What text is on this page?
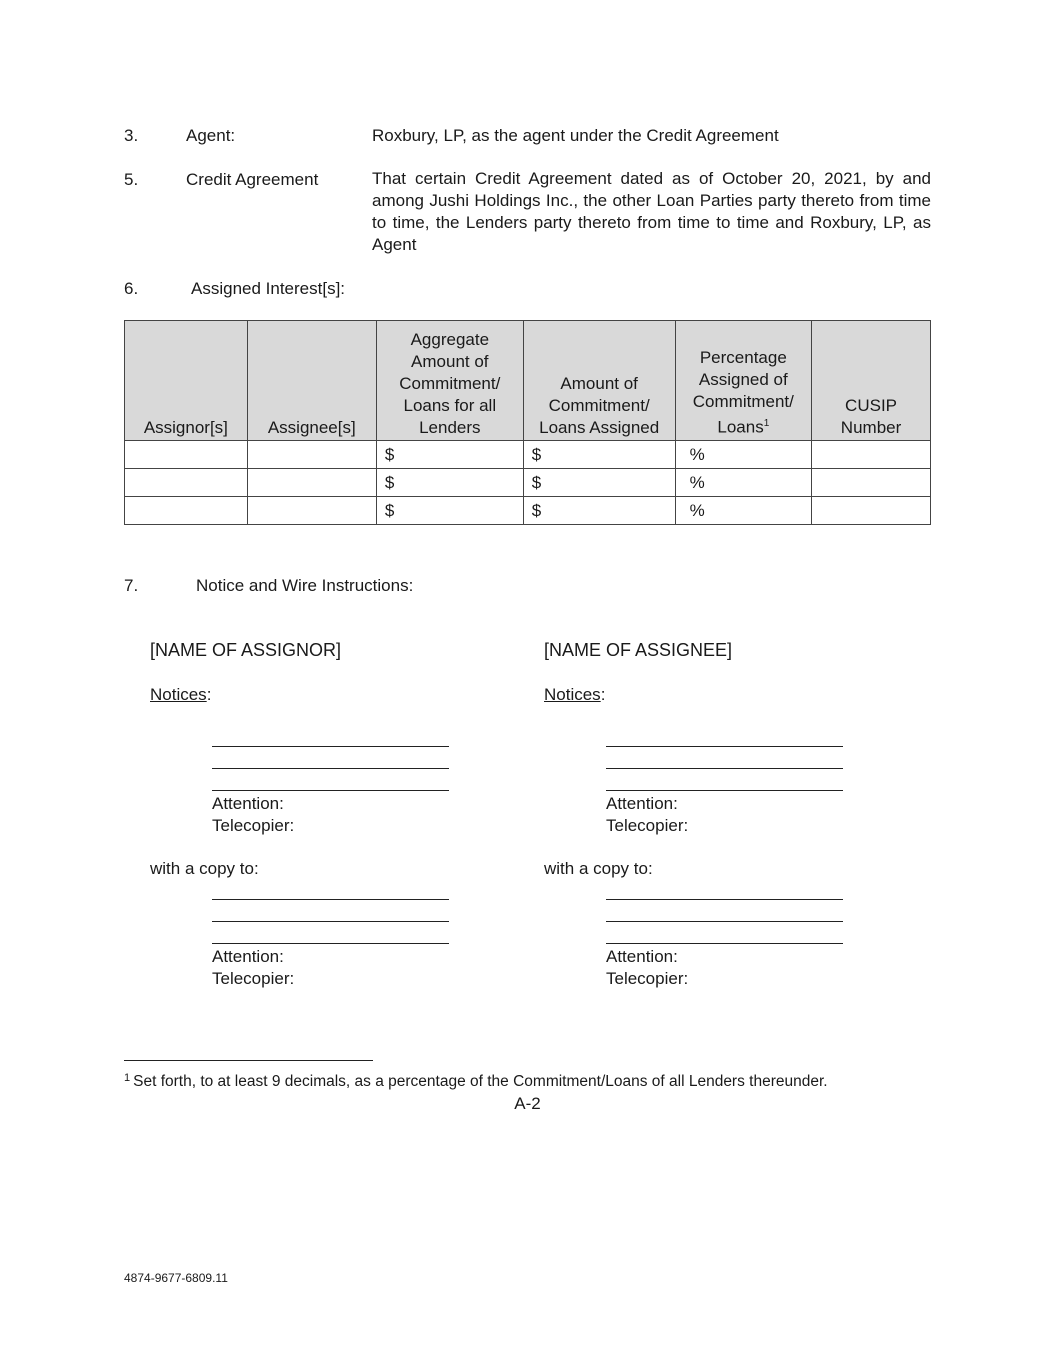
3.	Agent:	Roxbury, LP, as the agent under the Credit Agreement
5.	Credit Agreement	That certain Credit Agreement dated as of October 20, 2021, by and among Jushi Holdings Inc., the other Loan Parties party thereto from time to time, the Lenders party thereto from time to time and Roxbury, LP, as Agent
6.	Assigned Interest[s]:
Assignor[s]	Assignee[s]	Aggregate
Amount of
Commitment/
Loans for all
Lenders	Amount of
Commitment/
Loans Assigned	Percentage
Assigned of
Commitment/
Loans$^1$	CUSIP
Number
		$	$	%	
		$	$	%	
		$	$	%	
7.	Notice and Wire Instructions:
[NAME OF ASSIGNOR]
Notices:
Attention:
Telecopier:
with a copy to:
Attention:
Telecopier:
[NAME OF ASSIGNEE]
Notices:
Attention:
Telecopier:
with a copy to:
Attention:
Telecopier:
$^1$ Set forth, to at least 9 decimals, as a percentage of the Commitment/Loans of all Lenders thereunder.
A-2
4874-9677-6809.11
